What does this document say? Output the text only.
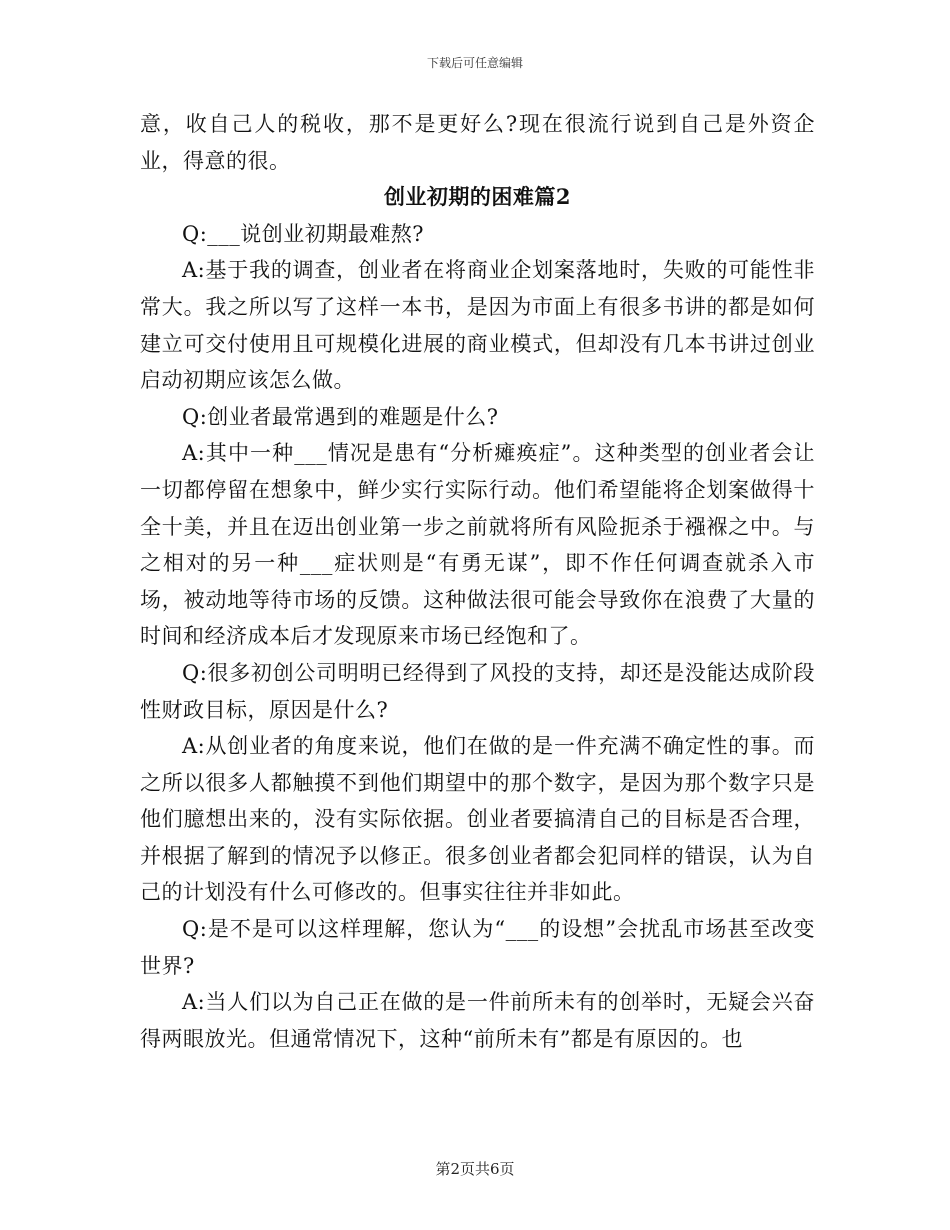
下载后可任意编辑

意，收自己人的税收，那不是更好么?现在很流行说到自己是外资企业，得意的很。

创业初期的困难篇2

Q:___说创业初期最难熬?

A:基于我的调查，创业者在将商业企划案落地时，失败的可能性非常大。我之所以写了这样一本书，是因为市面上有很多书讲的都是如何建立可交付使用且可规模化进展的商业模式，但却没有几本书讲过创业启动初期应该怎么做。

Q:创业者最常遇到的难题是什么?

A:其中一种___情况是患有“分析瘫痪症”。这种类型的创业者会让一切都停留在想象中，鲜少实行实际行动。他们希望能将企划案做得十全十美，并且在迈出创业第一步之前就将所有风险扼杀于襁褓之中。与之相对的另一种___症状则是“有勇无谋”，即不作任何调查就杀入市场，被动地等待市场的反馈。这种做法很可能会导致你在浪费了大量的时间和经济成本后才发现原来市场已经饱和了。

Q:很多初创公司明明已经得到了风投的支持，却还是没能达成阶段性财政目标，原因是什么?

A:从创业者的角度来说，他们在做的是一件充满不确定性的事。而之所以很多人都触摸不到他们期望中的那个数字，是因为那个数字只是他们臆想出来的，没有实际依据。创业者要搞清自己的目标是否合理，并根据了解到的情况予以修正。很多创业者都会犯同样的错误，认为自己的计划没有什么可修改的。但事实往往并非如此。

Q:是不是可以这样理解，您认为“___的设想”会扰乱市场甚至改变世界?

A:当人们以为自己正在做的是一件前所未有的创举时，无疑会兴奋得两眼放光。但通常情况下，这种“前所未有”都是有原因的。也

第2页共6页
